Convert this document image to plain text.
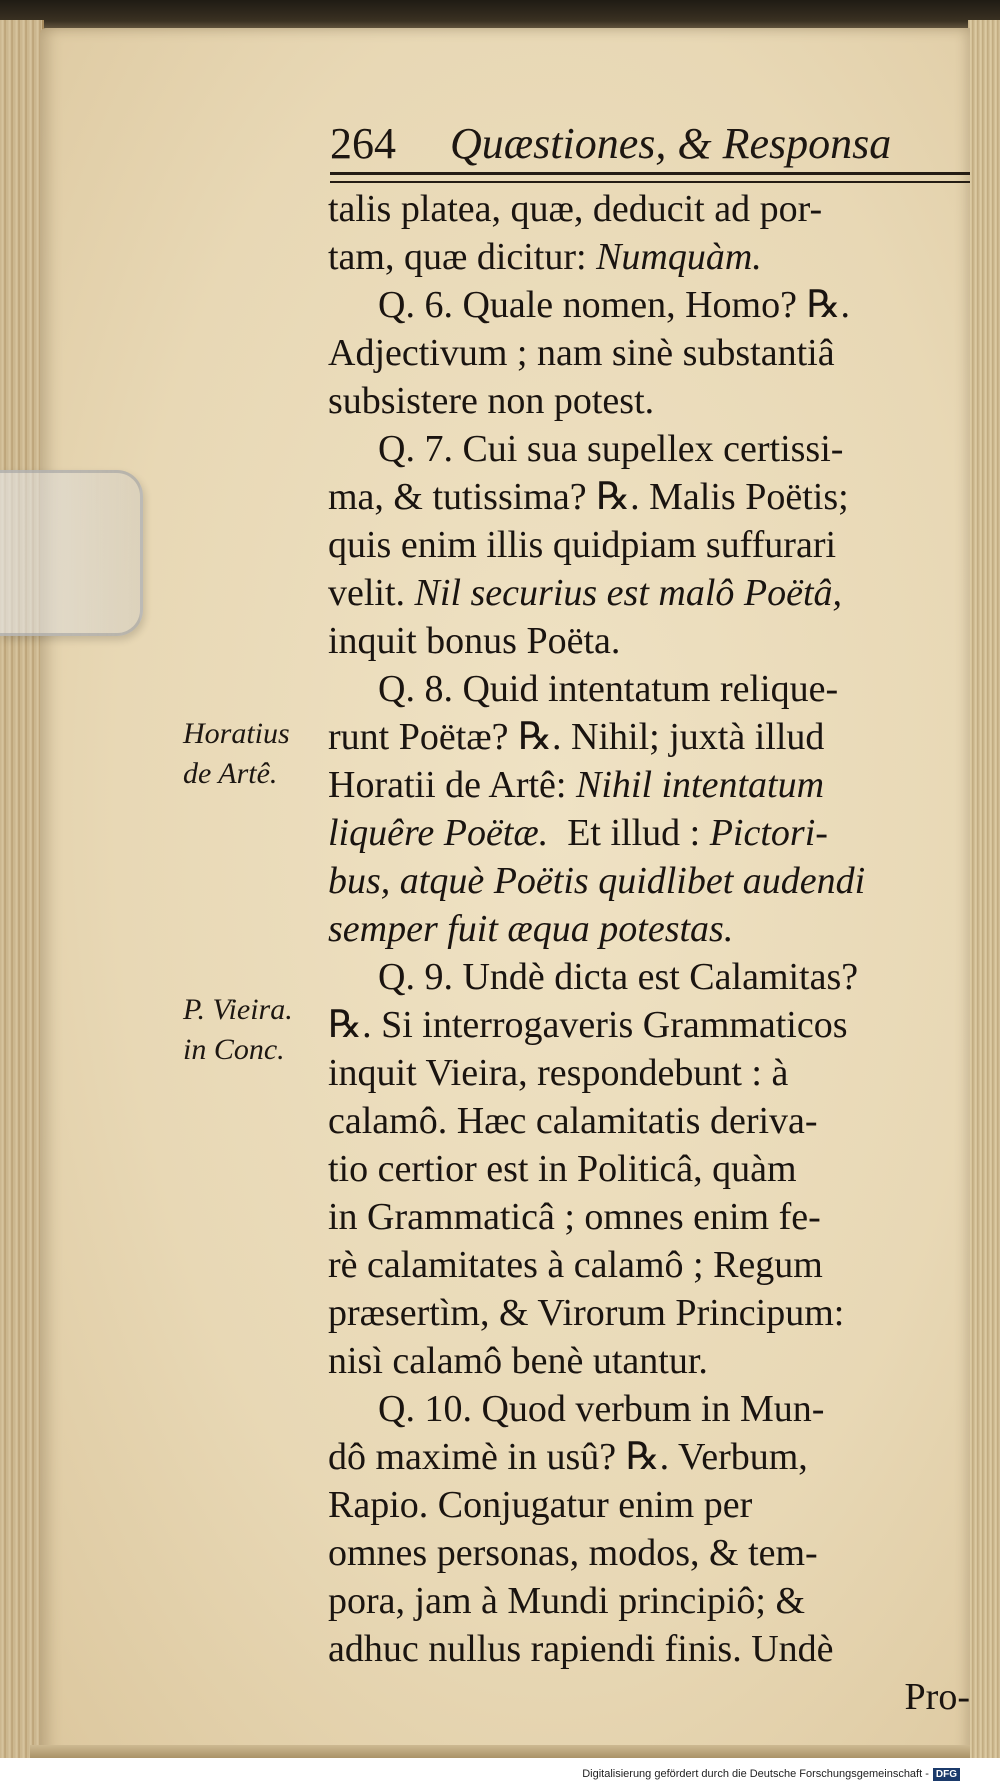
264 Quæstiones, & Responsa
talis platea, quæ, deducit ad por-
tam, quæ dicitur: Numquàm.
Q. 6. Quale nomen, Homo? ℞.
Adjectivum ; nam sinè substantiâ
subsistere non potest.
Q. 7. Cui sua supellex certissi-
ma, & tutissima? ℞. Malis Poëtis;
quis enim illis quidpiam suffurari
velit. Nil securius est malô Poëtâ,
inquit bonus Poëta.
Q. 8. Quid intentatum relique-
runt Poëtæ? ℞. Nihil; juxtà illud
Horatii de Artê: Nihil intentatum
liquêre Poëtæ.  Et illud : Pictori-
bus, atquè Poëtis quidlibet audendi
semper fuit æqua potestas.
Q. 9. Undè dicta est Calamitas?
℞. Si interrogaveris Grammaticos
inquit Vieira, respondebunt : à
calamô. Hæc calamitatis deriva-
tio certior est in Politicâ, quàm
in Grammaticâ ; omnes enim fe-
rè calamitates à calamô ; Regum
præsertìm, & Virorum Principum:
nisì calamô benè utantur.
Q. 10. Quod verbum in Mun-
dô maximè in usû? ℞. Verbum,
Rapio. Conjugatur enim per
omnes personas, modos, & tem-
pora, jam à Mundi principiô; &
adhuc nullus rapiendi finis. Undè
Pro-
Horatius
de Artê.
P. Vieira.
in Conc.
Digitalisierung gefördert durch die Deutsche Forschungsgemeinschaft - DFG
